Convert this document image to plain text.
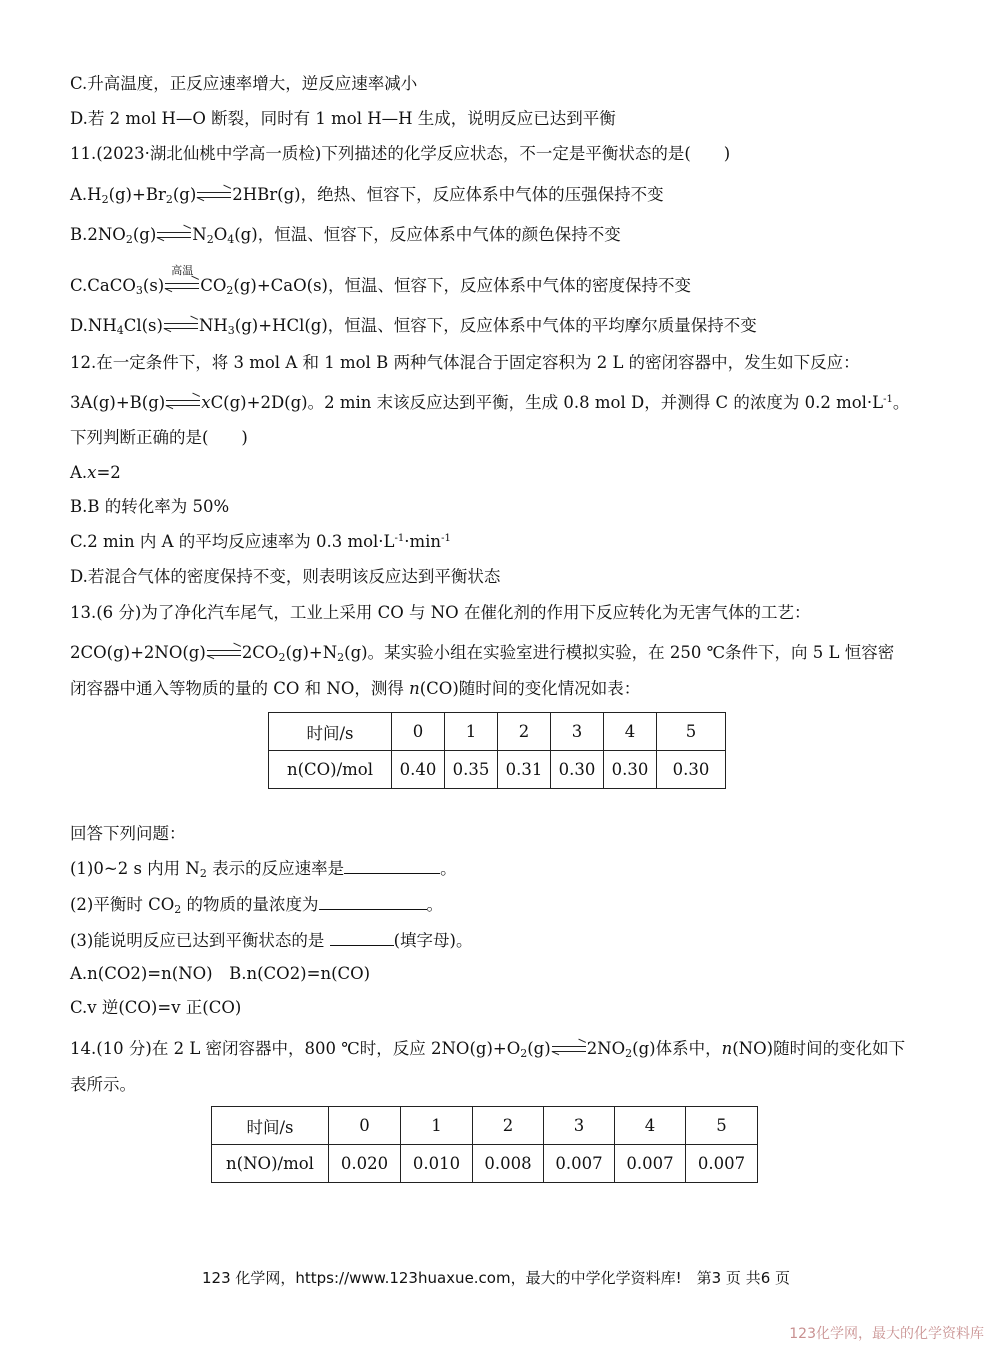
C.升高温度，正反应速率增大，逆反应速率减小
D.若 2 mol H—O 断裂，同时有 1 mol H—H 生成，说明反应已达到平衡
11.(2023·湖北仙桃中学高一质检)下列描述的化学反应状态，不一定是平衡状态的是(　　)
$A.H_2(g)+Br_2(g)$ 2HBr(g)，绝热、恒容下，反应体系中气体的压强保持不变
$B.2NO_2(g)$ $N_2O_4(g)$，恒温、恒容下，反应体系中气体的颜色保持不变
C.CaCO$_3$(s)
高温
$CO_2(g)+CaO(s)$，恒温、恒容下，反应体系中气体的密度保持不变
$D.NH_4Cl(s)$ $NH_3(g)+HCl(g)$，恒温、恒容下，反应体系中气体的平均摩尔质量保持不变
12.在一定条件下，将 3 mol A 和 1 mol B 两种气体混合于固定容积为 2 L 的密闭容器中，发生如下反应：
3A(g)+B(g) xC(g)+2D(g)。2 min 末该反应达到平衡，生成 0.8 mol D，并测得 C 的浓度为 0.2 $mol\cdot L^{-1}$。
下列判断正确的是(　　)
A.x=2
B.B 的转化率为 50%
C.2 min 内 A 的平均反应速率为 0.3 $mol\cdot L^{-1}\cdot\min^{-1}$
D.若混合气体的密度保持不变，则表明该反应达到平衡状态
13.(6 分)为了净化汽车尾气，工业上采用 CO 与 NO 在催化剂的作用下反应转化为无害气体的工艺：
2CO(g)+2NO(g) $2CO_2(g)+N_2(g)$。某实验小组在实验室进行模拟实验，在 250 ℃条件下，向 5 L 恒容密
闭容器中通入等物质的量的 CO 和 NO，测得 n(CO)随时间的变化情况如表：
时间/s	0	1	2	3	4	5
n(CO)/mol	0.40	0.35	0.31	0.30	0.30	0.30
回答下列问题：
(1)0~2 s 内用 $N_2$ 表示的反应速率是	。
(2)平衡时 $CO_2$ 的物质的量浓度为	。
(3)能说明反应已达到平衡状态的是	(填字母)。
A.n(CO2)=n(NO)　B.n(CO2)=n(CO)
C.v 逆(CO)=v 正(CO)
14.(10 分)在 2 L 密闭容器中，800 ℃时，反应 $2NO(g)+O_2(g)$ $2NO_2(g)$体系中，n(NO)随时间的变化如下
表所示。
时间/s	0	1	2	3	4	5
n(NO)/mol	0.020	0.010	0.008	0.007	0.007	0.007
123 化学网，https://www.123huaxue.com，最大的中学化学资料库!　第3 页 共6 页
123化学网，最大的化学资料库
